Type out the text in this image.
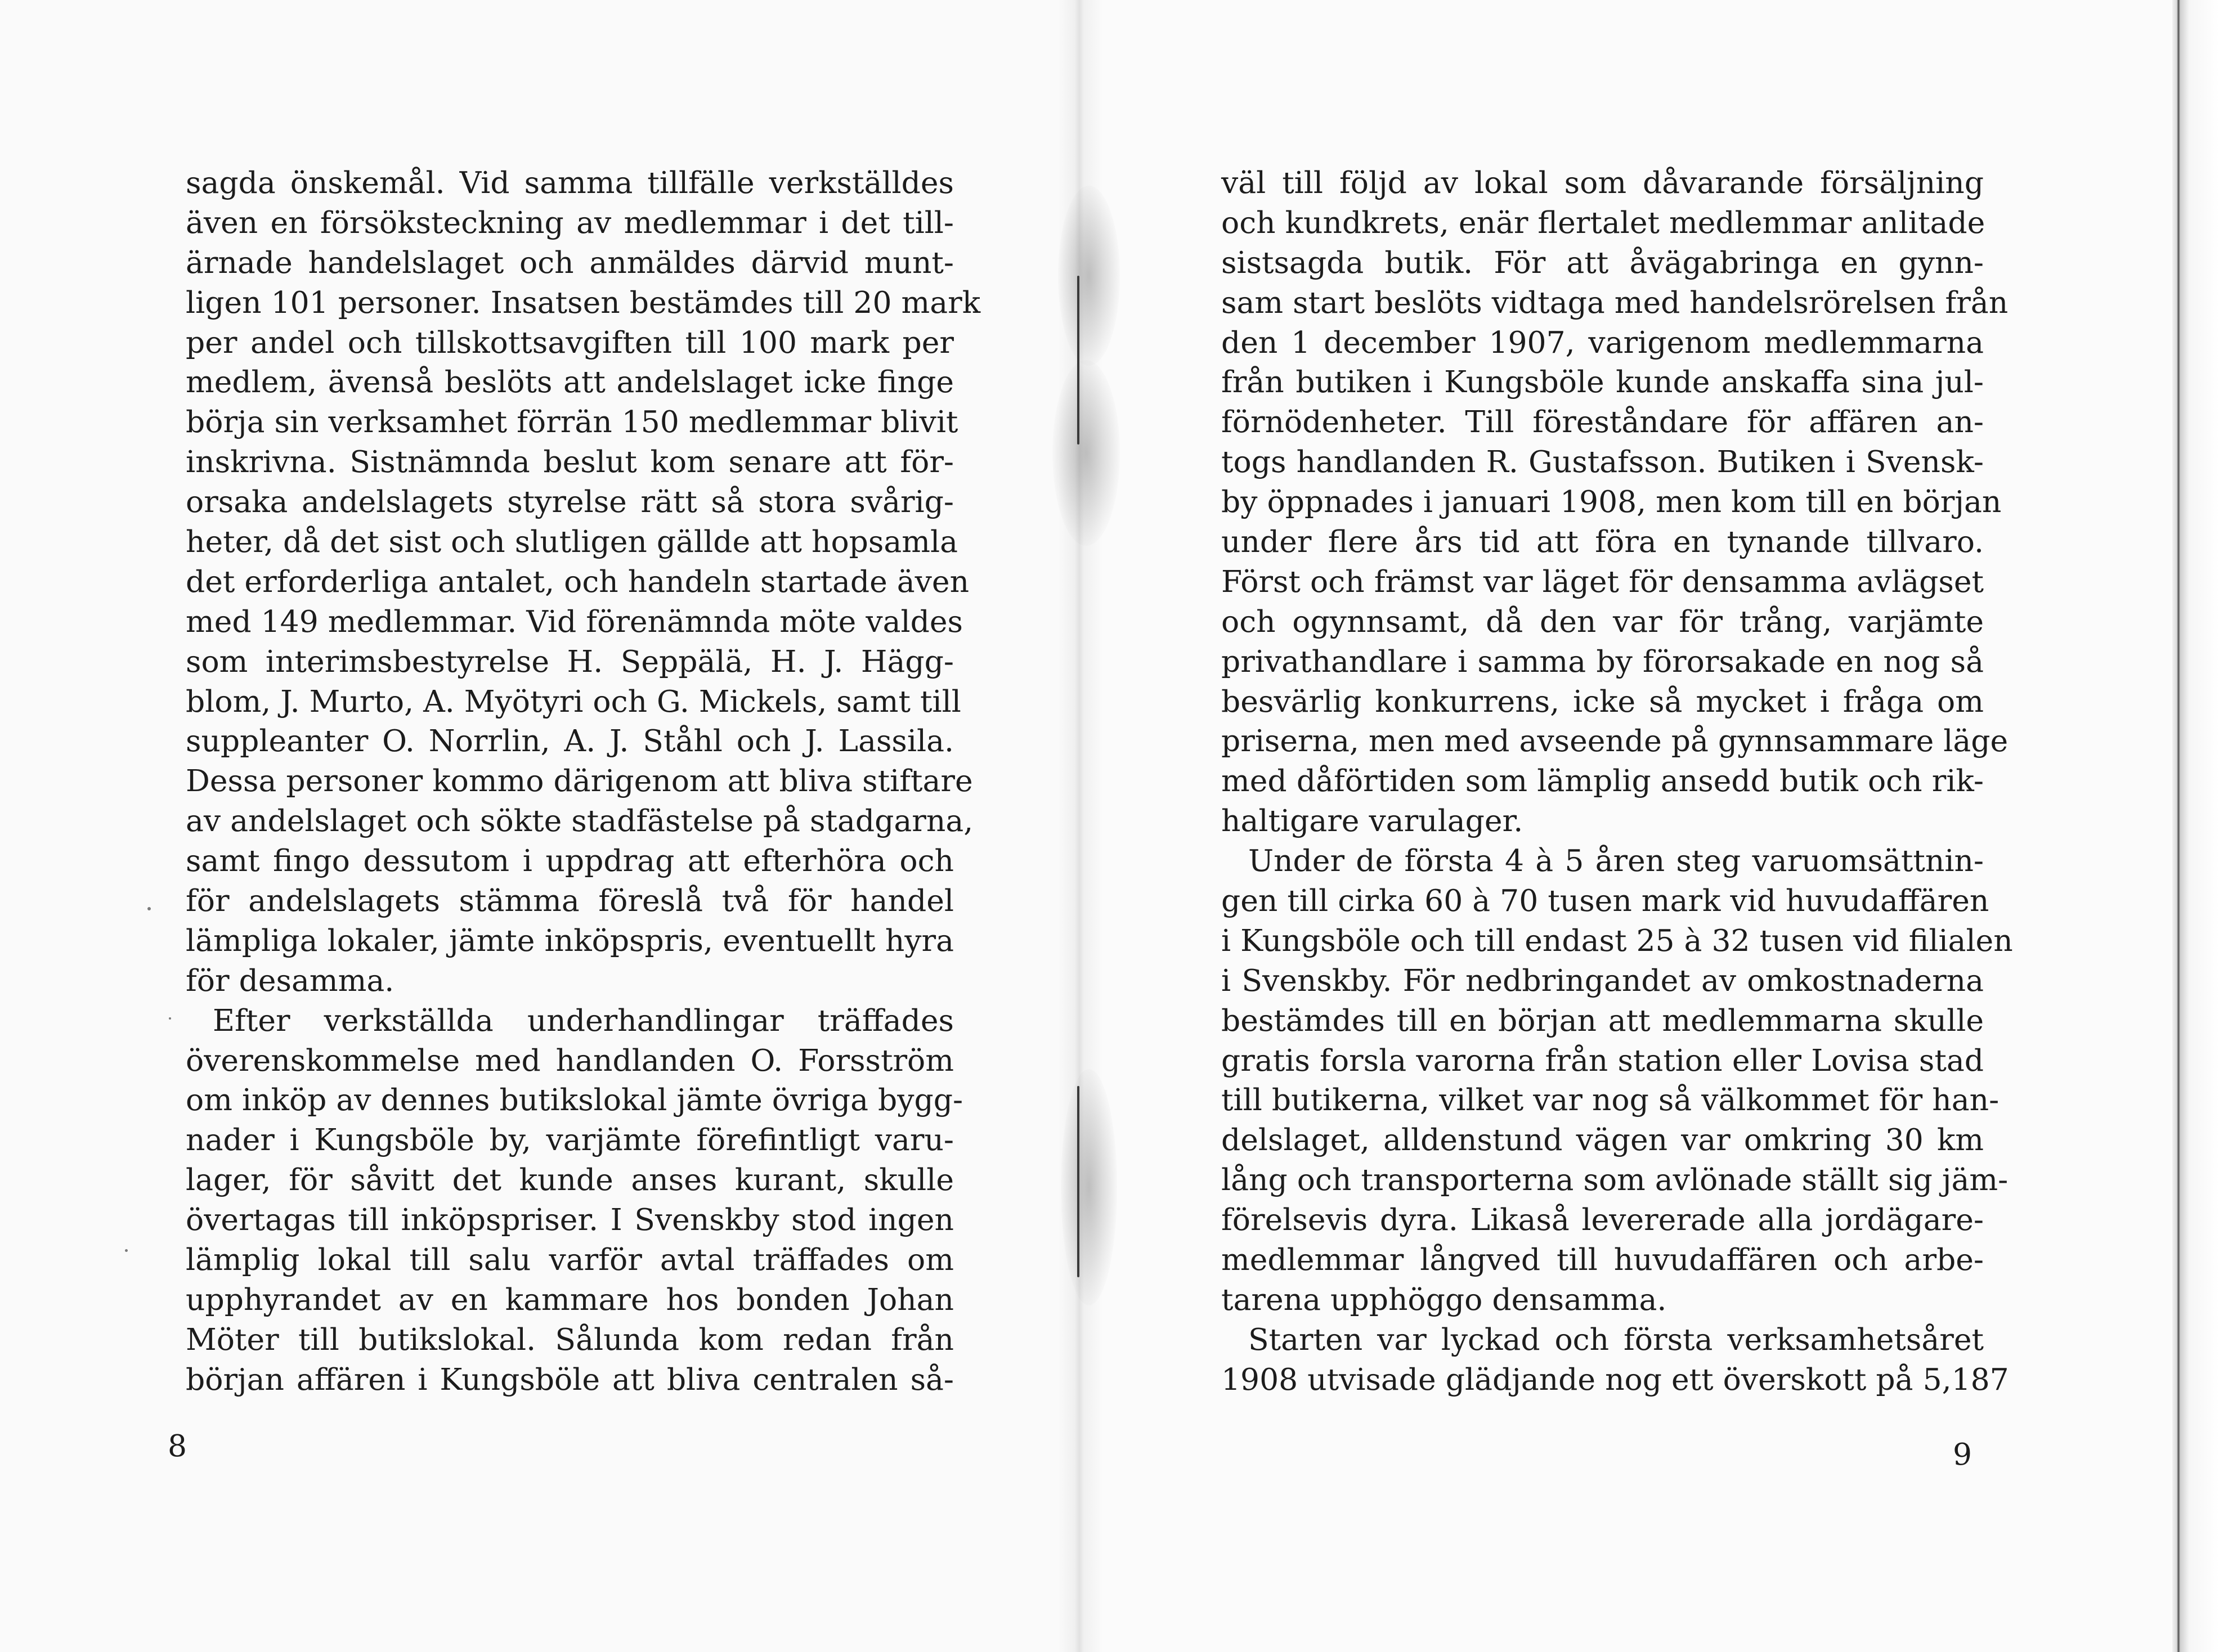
sagda önskemål. Vid samma tillfälle verkställdes
även en försöksteckning av medlemmar i det till-
ärnade handelslaget och anmäldes därvid munt-
ligen 101 personer. Insatsen bestämdes till 20 mark
per andel och tillskottsavgiften till 100 mark per
medlem, ävenså beslöts att andelslaget icke finge
börja sin verksamhet förrän 150 medlemmar blivit
inskrivna. Sistnämnda beslut kom senare att för-
orsaka andelslagets styrelse rätt så stora svårig-
heter, då det sist och slutligen gällde att hopsamla
det erforderliga antalet, och handeln startade även
med 149 medlemmar. Vid förenämnda möte valdes
som interimsbestyrelse H. Seppälä, H. J. Hägg-
blom, J. Murto, A. Myötyri och G. Mickels, samt till
suppleanter O. Norrlin, A. J. Ståhl och J. Lassila.
Dessa personer kommo därigenom att bliva stiftare
av andelslaget och sökte stadfästelse på stadgarna,
samt fingo dessutom i uppdrag att efterhöra och
för andelslagets stämma föreslå två för handel
lämpliga lokaler, jämte inköpspris, eventuellt hyra
för desamma.
Efter verkställda underhandlingar träffades
överenskommelse med handlanden O. Forsström
om inköp av dennes butikslokal jämte övriga bygg-
nader i Kungsböle by, varjämte förefintligt varu-
lager, för såvitt det kunde anses kurant, skulle
övertagas till inköpspriser. I Svenskby stod ingen
lämplig lokal till salu varför avtal träffades om
upphyrandet av en kammare hos bonden Johan
Möter till butikslokal. Sålunda kom redan från
början affären i Kungsböle att bliva centralen så-
8	9
väl till följd av lokal som dåvarande försäljning
och kundkrets, enär flertalet medlemmar anlitade
sistsagda butik. För att åvägabringa en gynn-
sam start beslöts vidtaga med handelsrörelsen från
den 1 december 1907, varigenom medlemmarna
från butiken i Kungsböle kunde anskaffa sina jul-
förnödenheter. Till föreståndare för affären an-
togs handlanden R. Gustafsson. Butiken i Svensk-
by öppnades i januari 1908, men kom till en början
under flere års tid att föra en tynande tillvaro.
Först och främst var läget för densamma avlägset
och ogynnsamt, då den var för trång, varjämte
privathandlare i samma by förorsakade en nog så
besvärlig konkurrens, icke så mycket i fråga om
priserna, men med avseende på gynnsammare läge
med dåförtiden som lämplig ansedd butik och rik-
haltigare varulager.
Under de första 4 à 5 åren steg varuomsättnin-
gen till cirka 60 à 70 tusen mark vid huvudaffären
i Kungsböle och till endast 25 à 32 tusen vid filialen
i Svenskby. För nedbringandet av omkostnaderna
bestämdes till en början att medlemmarna skulle
gratis forsla varorna från station eller Lovisa stad
till butikerna, vilket var nog så välkommet för han-
delslaget, alldenstund vägen var omkring 30 km
lång och transporterna som avlönade ställt sig jäm-
förelsevis dyra. Likaså levererade alla jordägare-
medlemmar långved till huvudaffären och arbe-
tarena upphöggo densamma.
Starten var lyckad och första verksamhetsåret
1908 utvisade glädjande nog ett överskott på 5,187
